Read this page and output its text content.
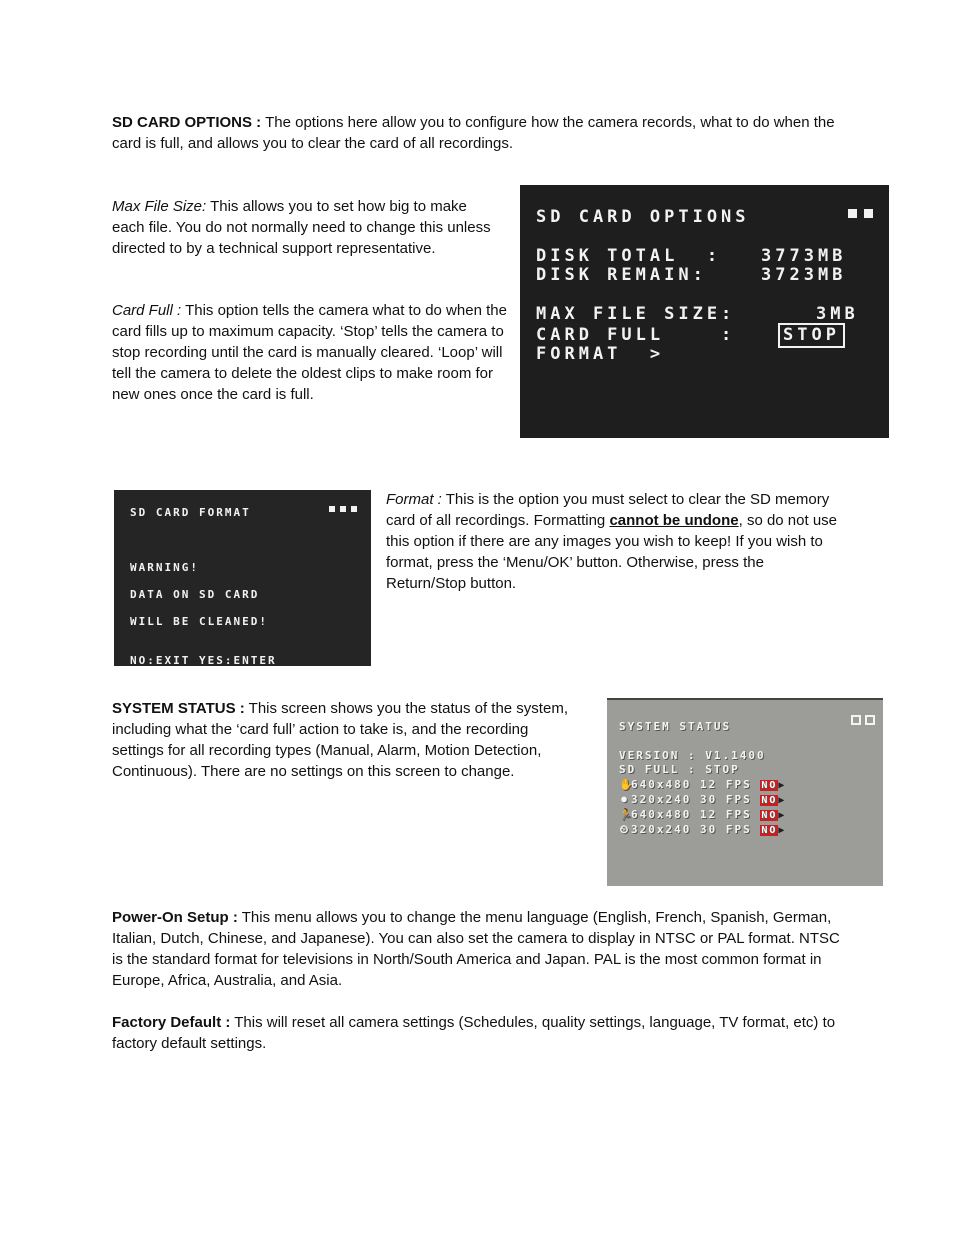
SD CARD OPTIONS : The options here allow you to configure how the camera records, what to do when the card is full, and allows you to clear the card of all recordings.

Max File Size: This allows you to set how big to make each file. You do not normally need to change this unless directed to by a technical support representative.

Card Full : This option tells the camera what to do when the card fills up to maximum capacity. ‘Stop’ tells the camera to stop recording until the card is manually cleared. ‘Loop’ will tell the camera to delete the oldest clips to make room for new ones once the card is full.

SD CARD OPTIONS

DISK TOTAL  :

3773MB

DISK REMAIN:

	3723MB

MAX FILE SIZE:

	3MB

CARD FULL    :

	STOP

FORMAT  >

SD CARD FORMAT

WARNING!

DATA ON SD CARD

WILL BE CLEANED!

NO:EXIT YES:ENTER

Format : This is the option you must select to clear the SD memory card of all recordings. Formatting cannot be undone, so do not use this option if there are any images you wish to keep! If you wish to format, press the ‘Menu/OK’ button. Otherwise, press the Return/Stop button.

SYSTEM STATUS : This screen shows you the status of the system, including what the ‘card full’ action to take is, and the recording settings for all recording types (Manual, Alarm, Motion Detection, Continuous). There are no settings on this screen to change.

SYSTEM STATUS

VERSION : V1.1400

SD FULL : STOP

✋640x480 12 FPS NO▶
⏺ 320x240 30 FPS NO▶
🏃640x480 12 FPS NO▶
⏲320x240 30 FPS NO▶

Power-On Setup : This menu allows you to change the menu language (English, French, Spanish, German, Italian, Dutch, Chinese, and Japanese). You can also set the camera to display in NTSC or PAL format. NTSC is the standard format for televisions in North/South America and Japan. PAL is the most common format in Europe, Africa, Australia, and Asia.

Factory Default : This will reset all camera settings (Schedules, quality settings, language, TV format, etc) to factory default settings.
